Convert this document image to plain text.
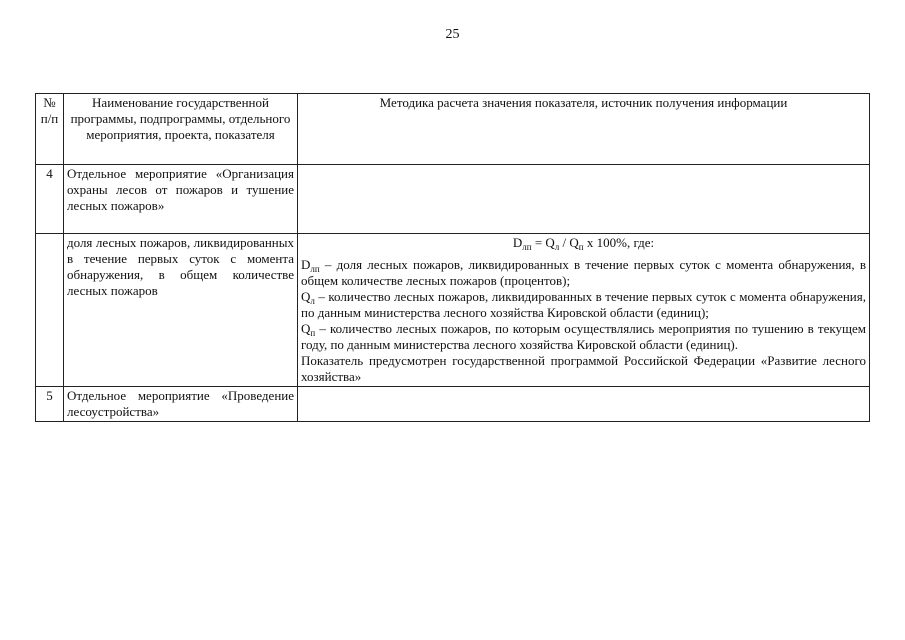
25
№ п/п	Наименование государственной программы, подпрограммы, отдельного мероприятия, проекта, показателя	Методика расчета значения показателя, источник получения информации
4	Отдельное мероприятие «Организация охраны лесов от пожаров и тушение лесных пожаров»	
	доля лесных пожаров, ликвидированных в течение первых суток с момента обнаружения, в общем количестве лесных пожаров	$D_{лп} = Q_л / Q_п$ x 100%, где:

$D_{лп}$ – доля лесных пожаров, ликвидированных в течение первых суток с момента обнаружения, в общем количестве лесных пожаров (процентов);

$Q_л$ – количество лесных пожаров, ликвидированных в течение первых суток с момента обнаружения, по данным министерства лесного хозяйства Кировской области (единиц);

$Q_п$ – количество лесных пожаров, по которым осуществлялись мероприятия по тушению в текущем году, по данным министерства лесного хозяйства Кировской области (единиц).

Показатель предусмотрен государственной программой Российской Федерации «Развитие лесного хозяйства»

5	Отдельное мероприятие «Проведение лесоустройства»	
